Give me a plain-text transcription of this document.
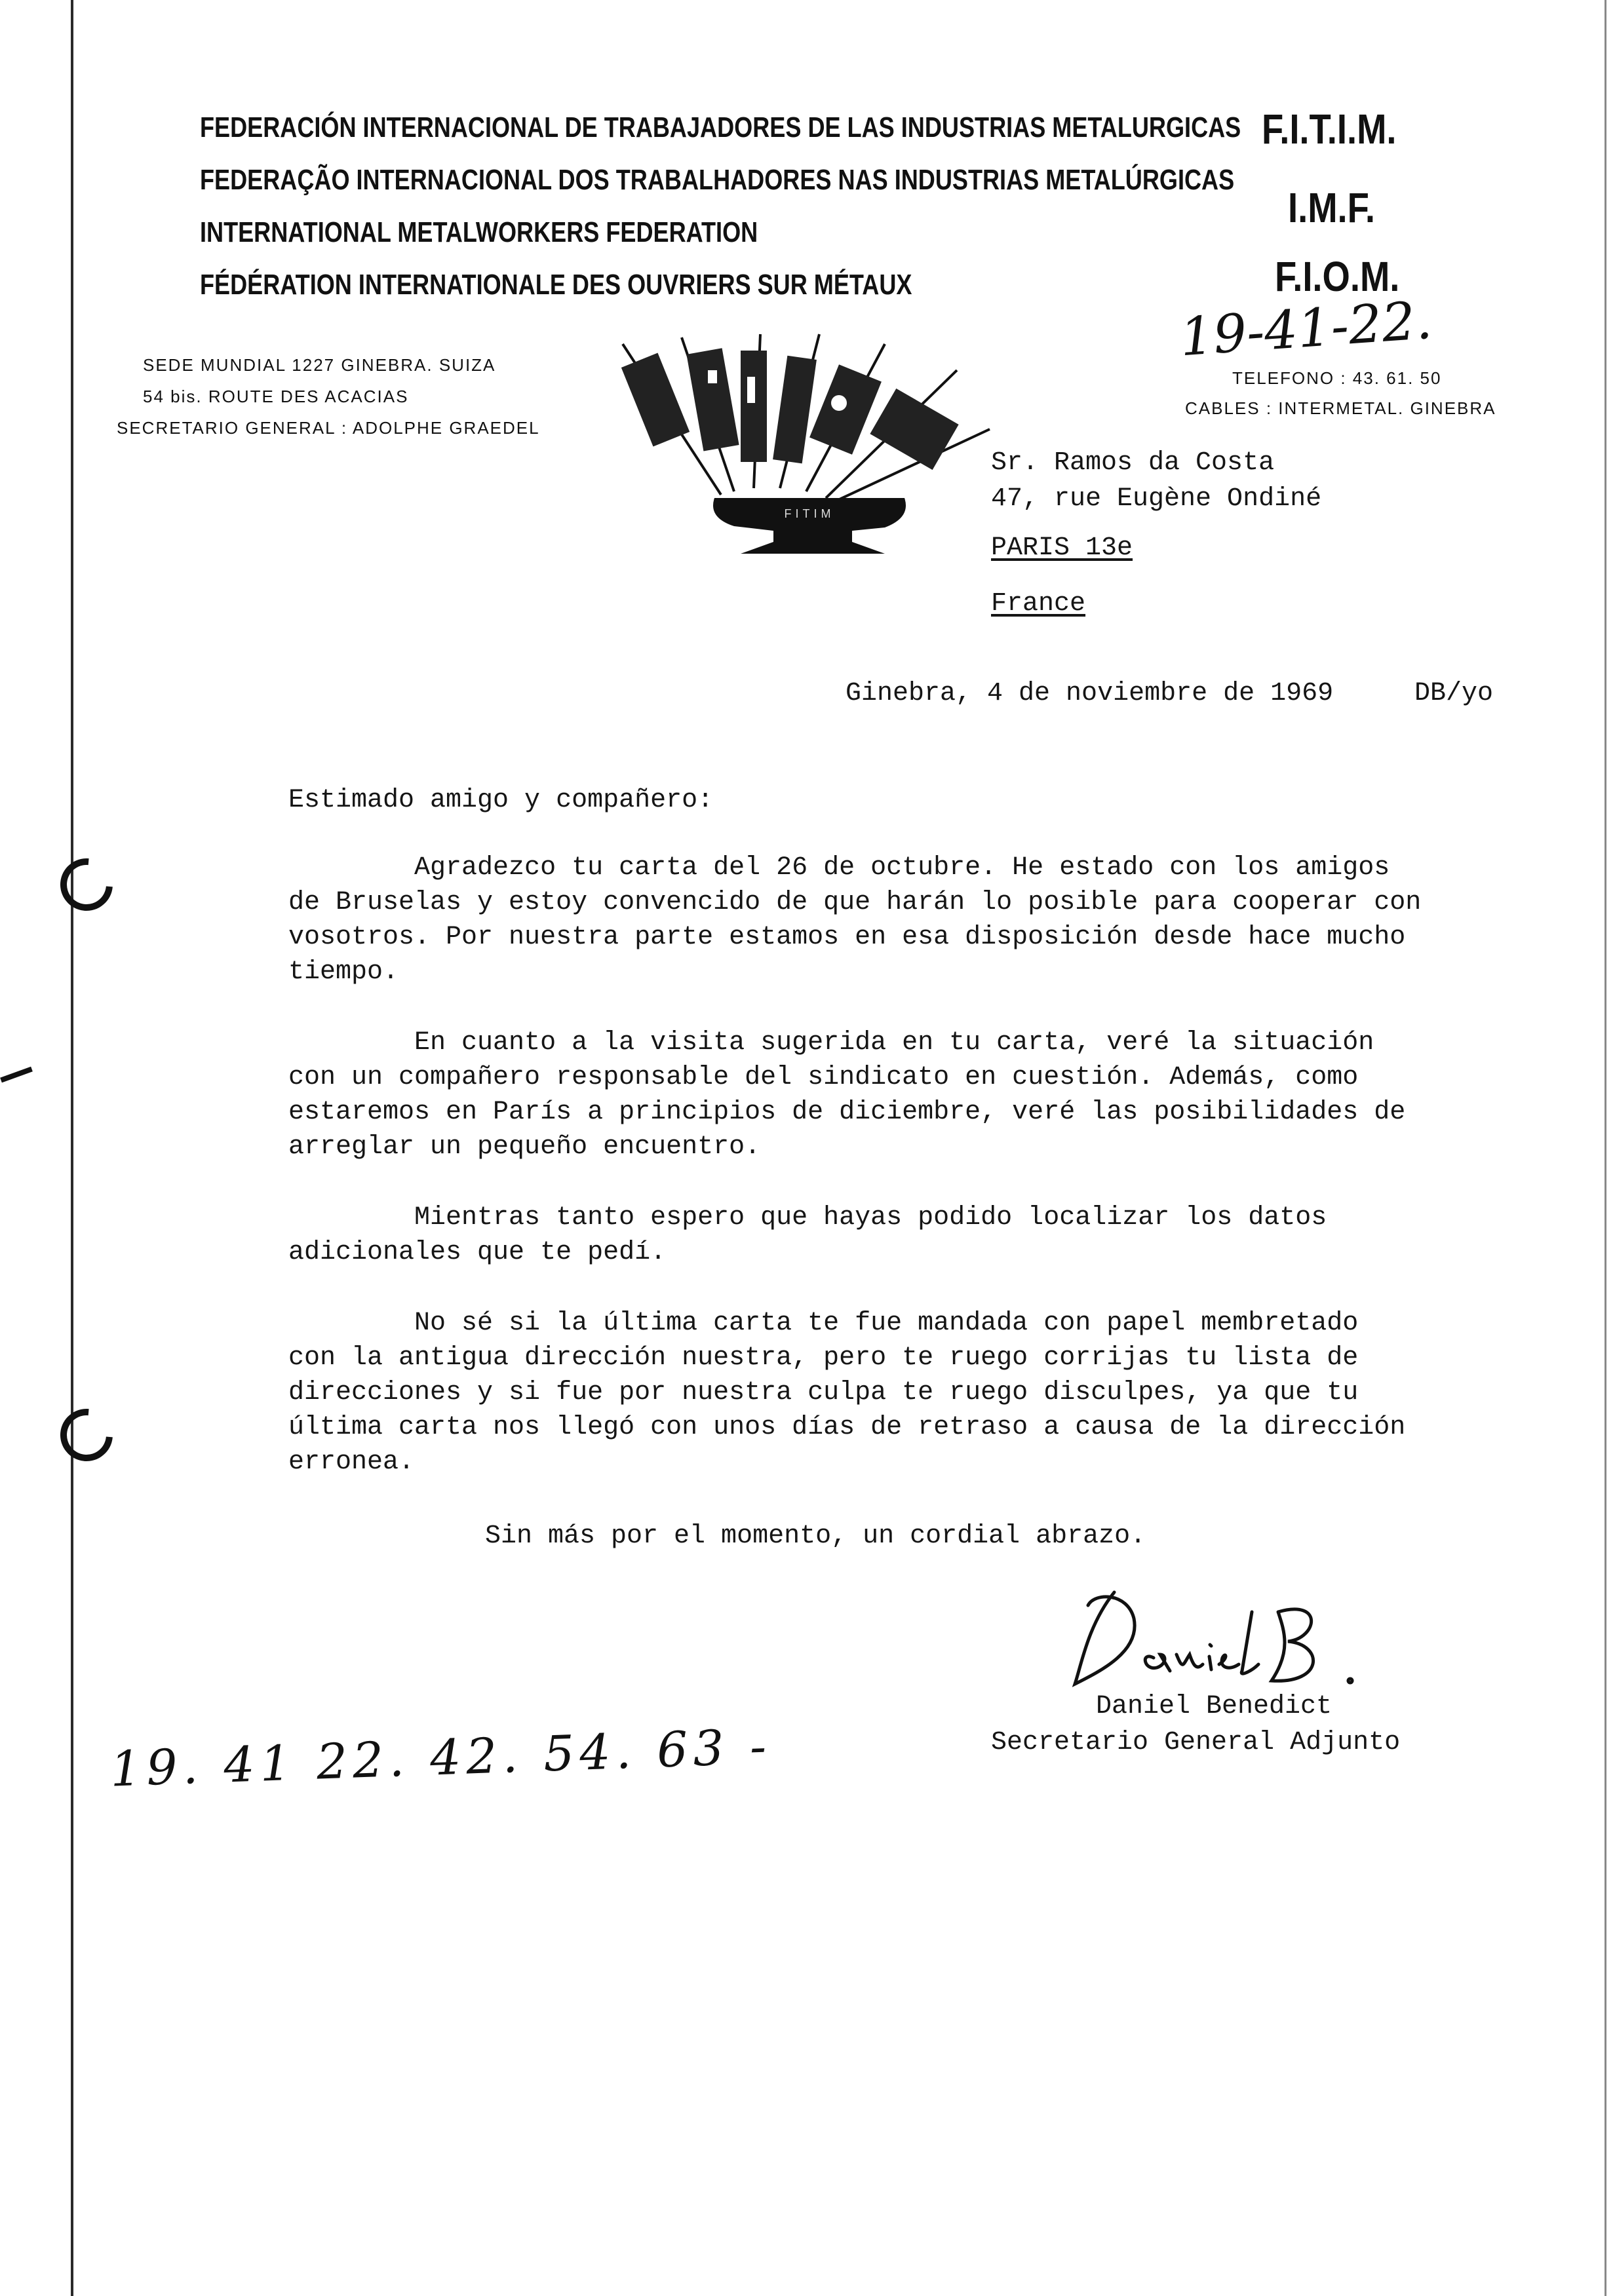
FEDERACIÓN INTERNACIONAL DE TRABAJADORES DE LAS INDUSTRIAS METALURGICAS
FEDERAÇÃO INTERNACIONAL DOS TRABALHADORES NAS INDUSTRIAS METALÚRGICAS
INTERNATIONAL METALWORKERS FEDERATION
FÉDÉRATION INTERNATIONALE DES OUVRIERS SUR MÉTAUX
F.I.T.I.M.
I.M.F.
F.I.O.M.
SEDE MUNDIAL 1227 GINEBRA. SUIZA
54 bis. ROUTE DES ACACIAS
SECRETARIO GENERAL : ADOLPHE GRAEDEL
TELEFONO : 43. 61. 50
CABLES : INTERMETAL. GINEBRA
FITIM
19-41-22.
Sr. Ramos da Costa
47, rue Eugène Ondiné
PARIS 13e
France
Ginebra, 4 de noviembre de 1969	DB/yo
Estimado amigo y compañero:
Agradezco tu carta del 26 de octubre. He estado con los amigos
de Bruselas y estoy convencido de que harán lo posible para cooperar con
vosotros. Por nuestra parte estamos en esa disposición desde hace mucho
tiempo.
En cuanto a la visita sugerida en tu carta, veré la situación
con un compañero responsable del sindicato en cuestión. Además, como
estaremos en París a principios de diciembre, veré las posibilidades de
arreglar un pequeño encuentro.
Mientras tanto espero que hayas podido localizar los datos
adicionales que te pedí.
No sé si la última carta te fue mandada con papel membretado
con la antigua dirección nuestra, pero te ruego corrijas tu lista de
direcciones y si fue por nuestra culpa te ruego disculpes, ya que tu
última carta nos llegó con unos días de retraso a causa de la dirección
erronea.
Sin más por el momento, un cordial abrazo.
Daniel Benedict
Secretario General Adjunto
19. 41 22. 42. 54. 63 -
